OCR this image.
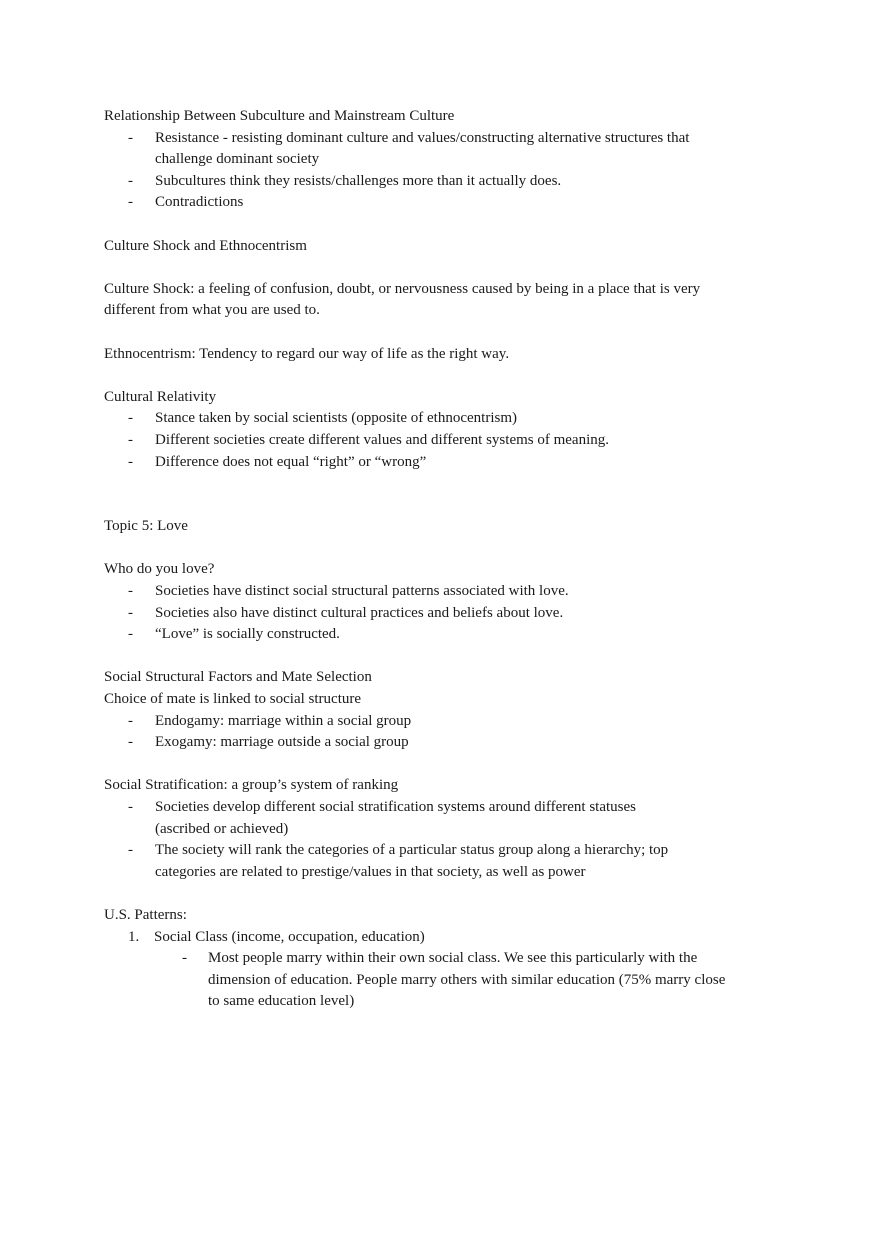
Relationship Between Subculture and Mainstream Culture
- Resistance - resisting dominant culture and values/constructing alternative structures that challenge dominant society
- Subcultures think they resists/challenges more than it actually does.
- Contradictions
Culture Shock and Ethnocentrism
Culture Shock: a feeling of confusion, doubt, or nervousness caused by being in a place that is very different from what you are used to.
Ethnocentrism: Tendency to regard our way of life as the right way.
Cultural Relativity
- Stance taken by social scientists (opposite of ethnocentrism)
- Different societies create different values and different systems of meaning.
- Difference does not equal “right” or “wrong”
Topic 5: Love
Who do you love?
- Societies have distinct social structural patterns associated with love.
- Societies also have distinct cultural practices and beliefs about love.
- “Love” is socially constructed.
Social Structural Factors and Mate Selection
Choice of mate is linked to social structure
- Endogamy: marriage within a social group
- Exogamy: marriage outside a social group
Social Stratification: a group’s system of ranking
- Societies develop different social stratification systems around different statuses (ascribed or achieved)
- The society will rank the categories of a particular status group along a hierarchy; top categories are related to prestige/values in that society, as well as power
U.S. Patterns:
1. Social Class (income, occupation, education)
- Most people marry within their own social class. We see this particularly with the dimension of education. People marry others with similar education (75% marry close to same education level)
